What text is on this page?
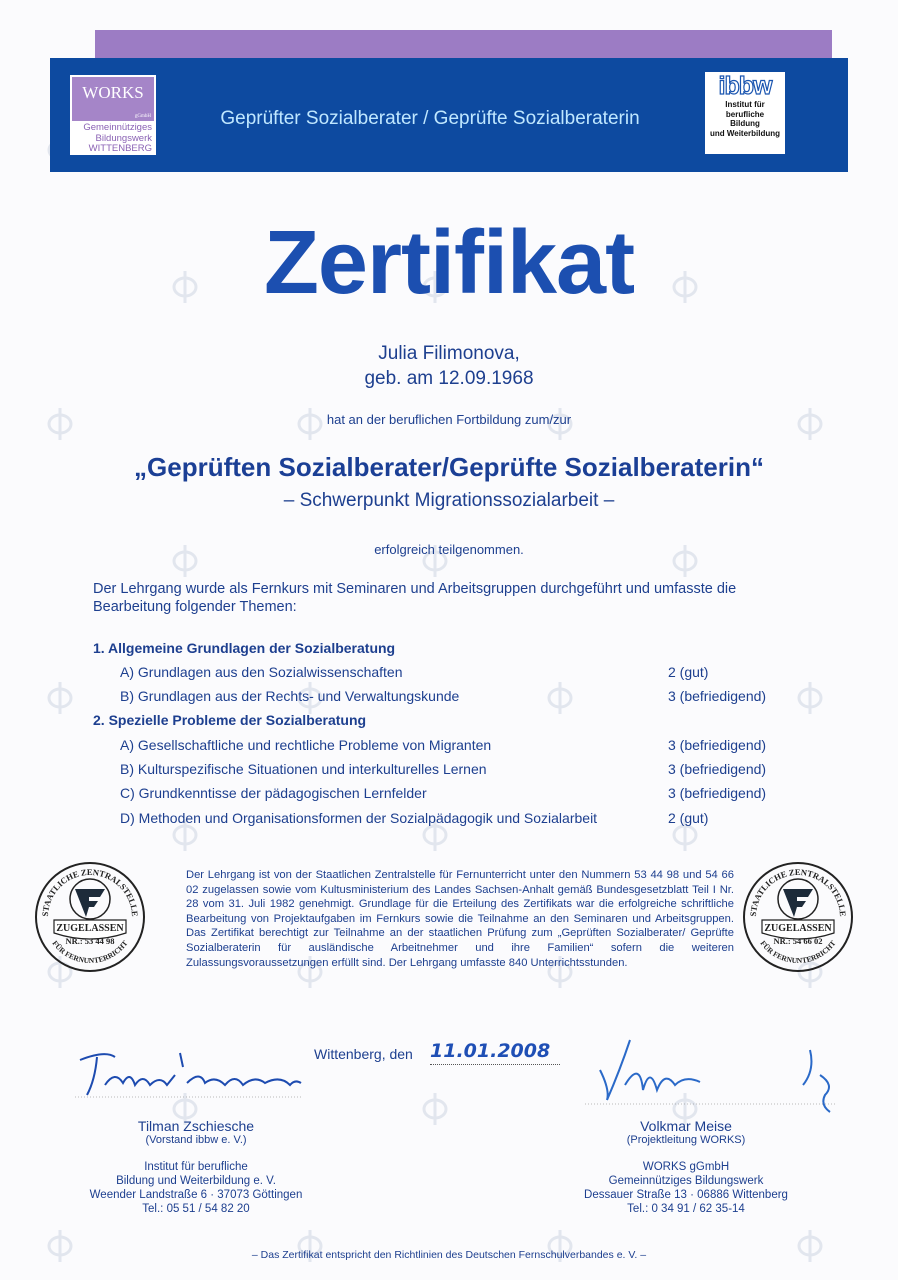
WORKS
gGmbH
Gemeinnütziges
Bildungswerk
WITTENBERG
Geprüfter Sozialberater / Geprüfte Sozialberaterin
ibbw
Institut für
berufliche
Bildung
und Weiterbildung
Zertifikat
Julia Filimonova,
geb. am 12.09.1968
hat an der beruflichen Fortbildung zum/zur
„Geprüften Sozialberater/Geprüfte Sozialberaterin“
– Schwerpunkt Migrationssozialarbeit –
erfolgreich teilgenommen.
Der Lehrgang wurde als Fernkurs mit Seminaren und Arbeitsgruppen durchgeführt und umfasste die
Bearbeitung folgender Themen:
1. Allgemeine Grundlagen der Sozialberatung
A) Grundlagen aus den Sozialwissenschaften	2 (gut)
B) Grundlagen aus der Rechts- und Verwaltungskunde	3 (befriedigend)
2. Spezielle Probleme der Sozialberatung
A) Gesellschaftliche und rechtliche Probleme von Migranten	3 (befriedigend)
B) Kulturspezifische Situationen und interkulturelles Lernen	3 (befriedigend)
C) Grundkenntisse der pädagogischen Lernfelder	3 (befriedigend)
D) Methoden und Organisationsformen der Sozialpädagogik und Sozialarbeit	2 (gut)
Der Lehrgang ist von der Staatlichen Zentralstelle für Fernunterricht unter den Nummern 53 44 98 und 54 66 02 zugelassen sowie vom Kultusministerium des Landes Sachsen-Anhalt gemäß Bundesgesetzblatt Teil I Nr. 28 vom 31. Juli 1982 genehmigt. Grundlage für die Erteilung des Zertifikats war die erfolgreiche schriftliche Bearbeitung von Projektaufgaben im Fernkurs sowie die Teilnahme an den Seminaren und Arbeitsgruppen. Das Zertifikat berechtigt zur Teilnahme an der staatlichen Prüfung zum „Geprüften Sozialberater/ Geprüfte Sozialberaterin für ausländische Arbeitnehmer und ihre Familien“ sofern die weiteren Zulassungsvoraussetzungen erfüllt sind. Der Lehrgang umfasste 840 Unterrichtsstunden.
STAATLICHE ZENTRALSTELLE
FÜR FERNUNTERRICHT
ZUGELASSEN
NR.: 53 44 98
STAATLICHE ZENTRALSTELLE
FÜR FERNUNTERRICHT
ZUGELASSEN
NR.: 54 66 02
Wittenberg, den 11.01.2008
Tilman Zschiesche
(Vorstand ibbw e. V.)
Institut für berufliche
Bildung und Weiterbildung e. V.
Weender Landstraße 6 · 37073 Göttingen
Tel.: 05 51 / 54 82 20
Volkmar Meise
(Projektleitung WORKS)
WORKS gGmbH
Gemeinnütziges Bildungswerk
Dessauer Straße 13 · 06886 Wittenberg
Tel.: 0 34 91 / 62 35-14
– Das Zertifikat entspricht den Richtlinien des Deutschen Fernschulverbandes e. V. –
